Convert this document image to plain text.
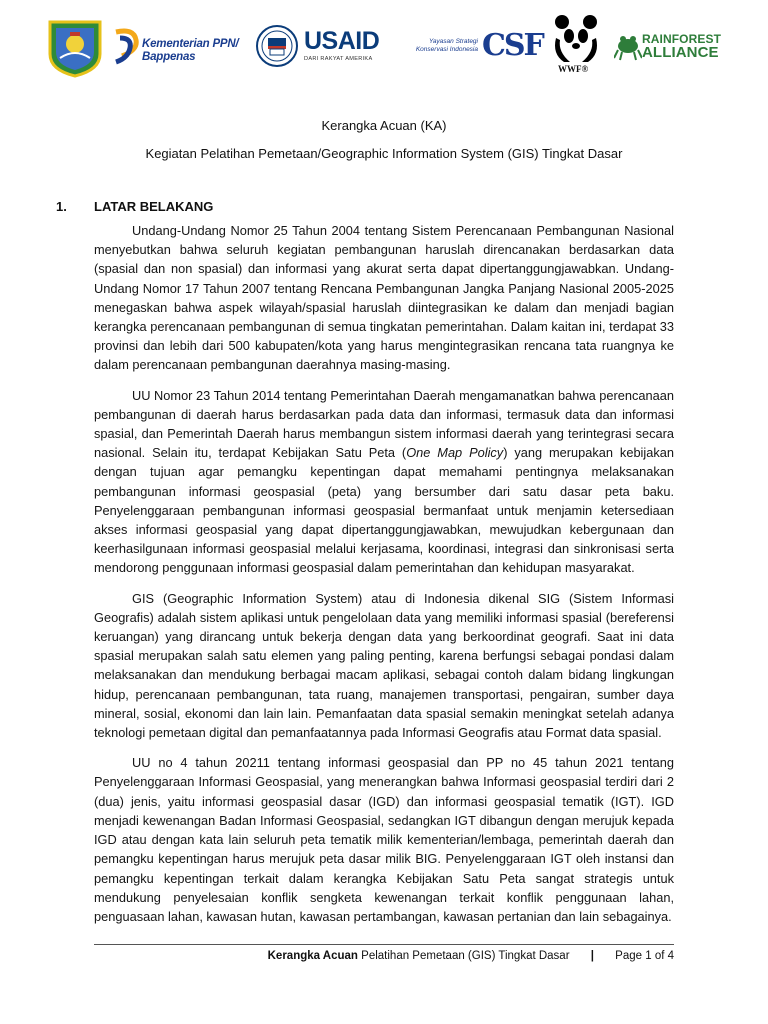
Kementerian PPN/
Bappenas
USAID
DARI RAKYAT AMERIKA
Yayasan Strategi
Konservasi Indonesia CSF
WWF®
RAINFOREST
ALLIANCE
Kerangka Acuan (KA)
Kegiatan Pelatihan Pemetaan/Geographic Information System (GIS) Tingkat Dasar
1. LATAR BELAKANG

Undang-Undang Nomor 25 Tahun 2004 tentang Sistem Perencanaan Pembangunan Nasional menyebutkan bahwa seluruh kegiatan pembangunan haruslah direncanakan berdasarkan data (spasial dan non spasial) dan informasi yang akurat serta dapat dipertanggungjawabkan. Undang-Undang Nomor 17 Tahun 2007 tentang Rencana Pembangunan Jangka Panjang Nasional 2005-2025 menegaskan bahwa aspek wilayah/spasial haruslah diintegrasikan ke dalam dan menjadi bagian kerangka perencanaan pembangunan di semua tingkatan pemerintahan. Dalam kaitan ini, terdapat 33 provinsi dan lebih dari 500 kabupaten/kota yang harus mengintegrasikan rencana tata ruangnya ke dalam perencanaan pembangunan daerahnya masing-masing.

UU Nomor 23 Tahun 2014 tentang Pemerintahan Daerah mengamanatkan bahwa perencanaan pembangunan di daerah harus berdasarkan pada data dan informasi, termasuk data dan informasi spasial, dan Pemerintah Daerah harus membangun sistem informasi daerah yang terintegrasi secara nasional. Selain itu, terdapat Kebijakan Satu Peta (One Map Policy) yang merupakan kebijakan dengan tujuan agar pemangku kepentingan dapat memahami pentingnya melaksanakan pembangunan informasi geospasial (peta) yang bersumber dari satu dasar peta baku. Penyelenggaraan pembangunan informasi geospasial bermanfaat untuk menjamin ketersediaan akses informasi geospasial yang dapat dipertanggungjawabkan, mewujudkan kebergunaan dan keerhasilgunaan informasi geospasial melalui kerjasama, koordinasi, integrasi dan sinkronisasi serta mendorong penggunaan informasi geospasial dalam pemerintahan dan kehidupan masyarakat.

GIS (Geographic Information System) atau di Indonesia dikenal SIG (Sistem Informasi Geografis) adalah sistem aplikasi untuk pengelolaan data yang memiliki informasi spasial (bereferensi keruangan) yang dirancang untuk bekerja dengan data yang berkoordinat geografi. Saat ini data spasial merupakan salah satu elemen yang paling penting, karena berfungsi sebagai pondasi dalam melaksanakan dan mendukung berbagai macam aplikasi, sebagai contoh dalam bidang lingkungan hidup, perencanaan pembangunan, tata ruang, manajemen transportasi, pengairan, sumber daya mineral, sosial, ekonomi dan lain lain. Pemanfaatan data spasial semakin meningkat setelah adanya teknologi pemetaan digital dan pemanfaatannya pada Informasi Geografis atau Format data spasial.

UU no 4 tahun 20211 tentang informasi geospasial dan PP no 45 tahun 2021 tentang Penyelenggaraan Informasi Geospasial, yang menerangkan bahwa Informasi geospasial terdiri dari 2 (dua) jenis, yaitu informasi geospasial dasar (IGD) dan informasi geospasial tematik (IGT). IGD menjadi kewenangan Badan Informasi Geospasial, sedangkan IGT dibangun dengan merujuk kepada IGD atau dengan kata lain seluruh peta tematik milik kementerian/lembaga, pemerintah daerah dan pemangku kepentingan harus merujuk peta dasar milik BIG. Penyelenggaraan IGT oleh instansi dan pemangku kepentingan terkait dalam kerangka Kebijakan Satu Peta sangat strategis untuk mendukung penyelesaian konflik sengketa kewenangan terkait konflik penggunaan lahan, penguasaan lahan, kawasan hutan, kawasan pertambangan, kawasan pertanian dan lain sebagainya.

Kerangka Acuan Pelatihan Pemetaan (GIS) Tingkat Dasar | Page 1 of 4
